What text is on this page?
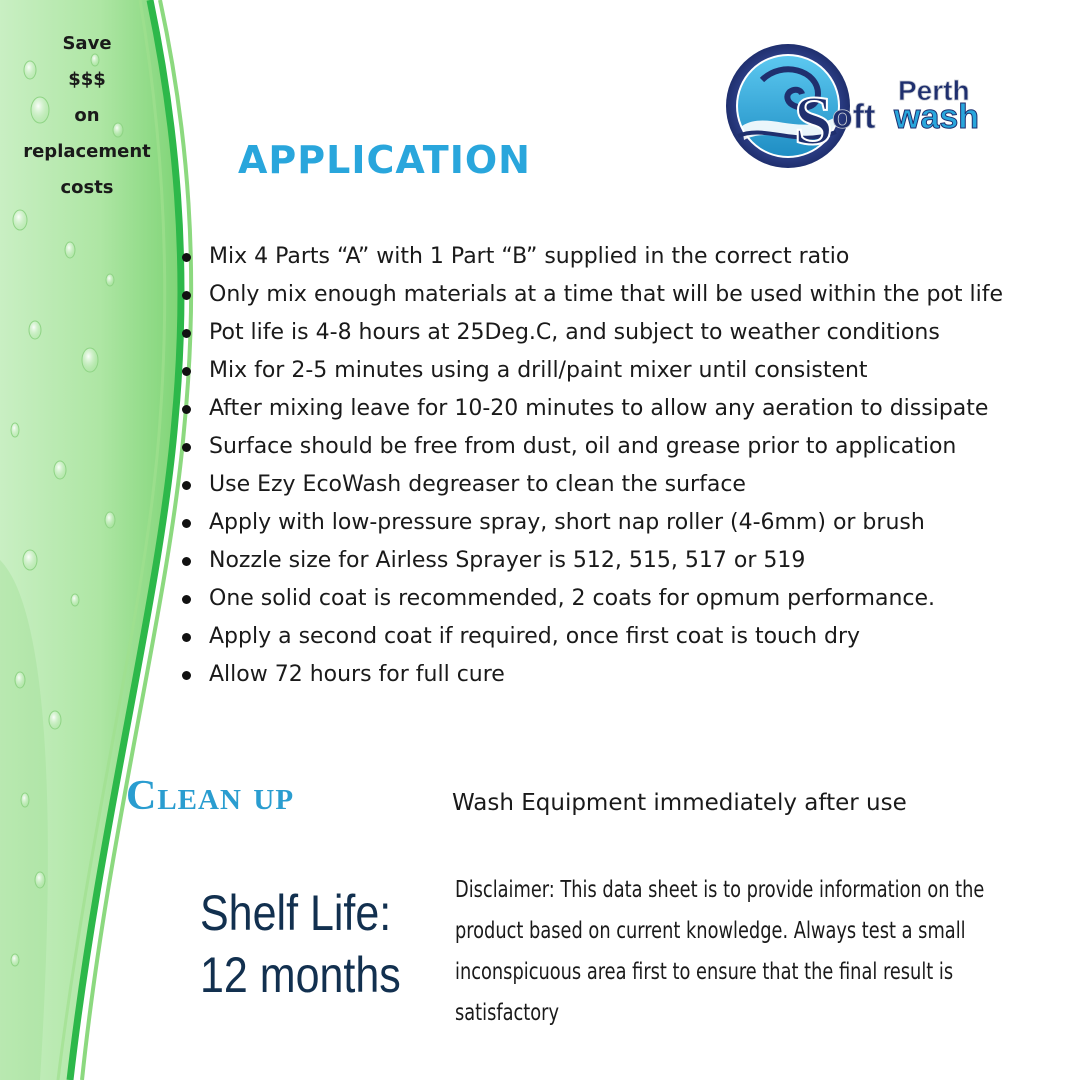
Save
$$$
on
replacement
costs
S Perth
oft wash
APPLICATION
Mix 4 Parts “A” with 1 Part “B” supplied in the correct ratio
Only mix enough materials at a time that will be used within the pot life
Pot life is 4-8 hours at 25Deg.C, and subject to weather conditions
Mix for 2-5 minutes using a drill/paint mixer until consistent
After mixing leave for 10-20 minutes to allow any aeration to dissipate
Surface should be free from dust, oil and grease prior to application
Use Ezy EcoWash degreaser to clean the surface
Apply with low-pressure spray, short nap roller (4-6mm) or brush
Nozzle size for Airless Sprayer is 512, 515, 517 or 519
One solid coat is recommended, 2 coats for opmum performance.
Apply a second coat if required, once first coat is touch dry
Allow 72 hours for full cure
Clean up	Wash Equipment immediately after use
Shelf Life:
12 months
Disclaimer: This data sheet is to provide information on the product based on current knowledge. Always test a small inconspicuous area first to ensure that the final result is satisfactory
